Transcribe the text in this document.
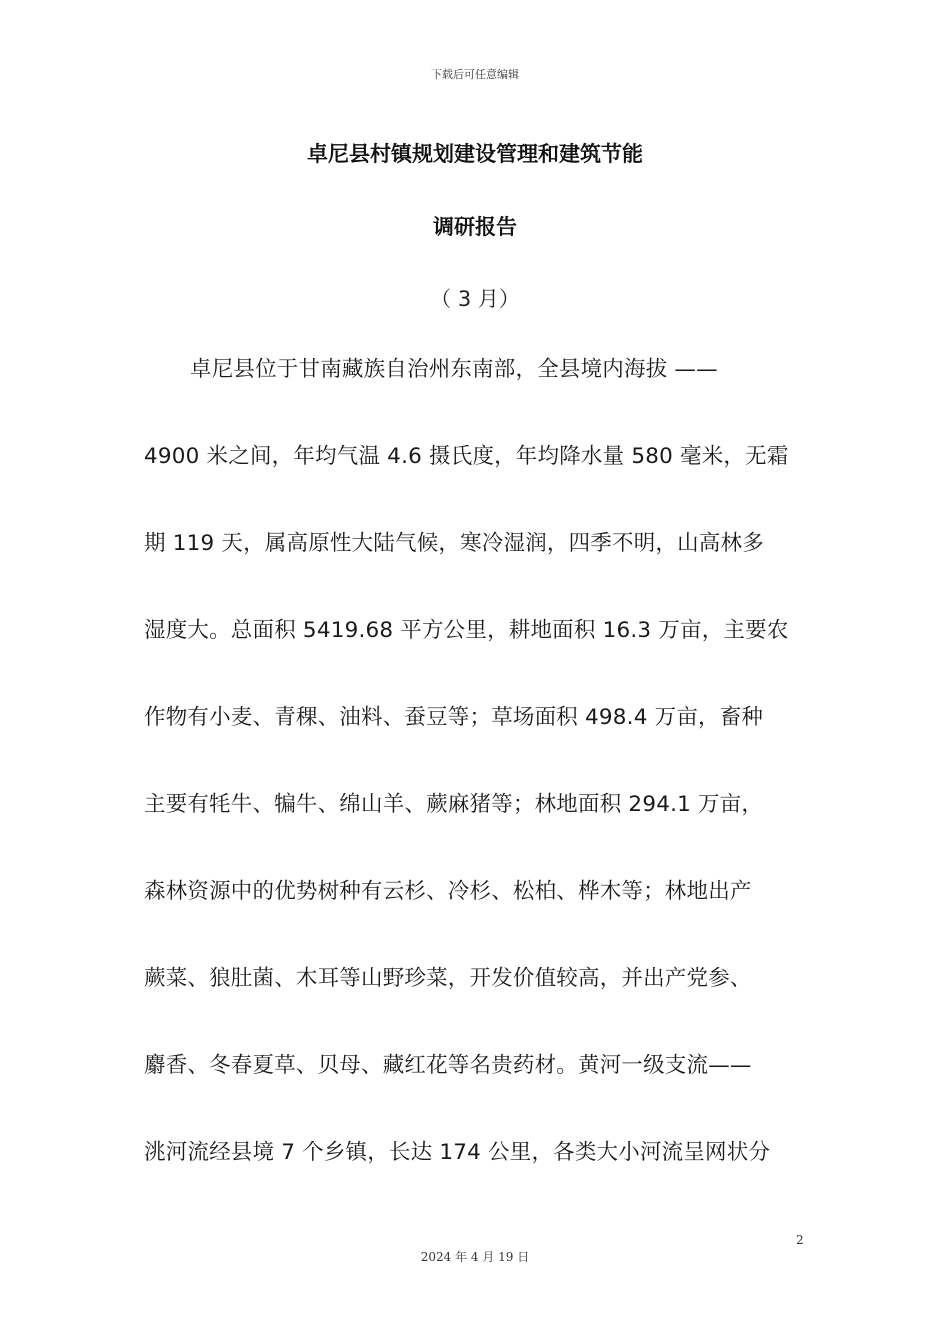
下载后可任意编辑
卓尼县村镇规划建设管理和建筑节能
调研报告
（ 3 月）
卓尼县位于甘南藏族自治州东南部，全县境内海拔 ——
4900 米之间，年均气温 4.6 摄氏度，年均降水量 580 毫米，无霜
期 119 天，属高原性大陆气候，寒冷湿润，四季不明，山高林多
湿度大。总面积 5419.68 平方公里，耕地面积 16.3 万亩，主要农
作物有小麦、青稞、油料、蚕豆等；草场面积 498.4 万亩，畜种
主要有牦牛、犏牛、绵山羊、蕨麻猪等；林地面积 294.1 万亩，
森林资源中的优势树种有云杉、冷杉、松柏、桦木等；林地出产
蕨菜、狼肚菌、木耳等山野珍菜，开发价值较高，并出产党参、
麝香、冬春夏草、贝母、藏红花等名贵药材。黄河一级支流——
洮河流经县境 7 个乡镇，长达 174 公里，各类大小河流呈网状分
2
2024 年 4 月 19 日
